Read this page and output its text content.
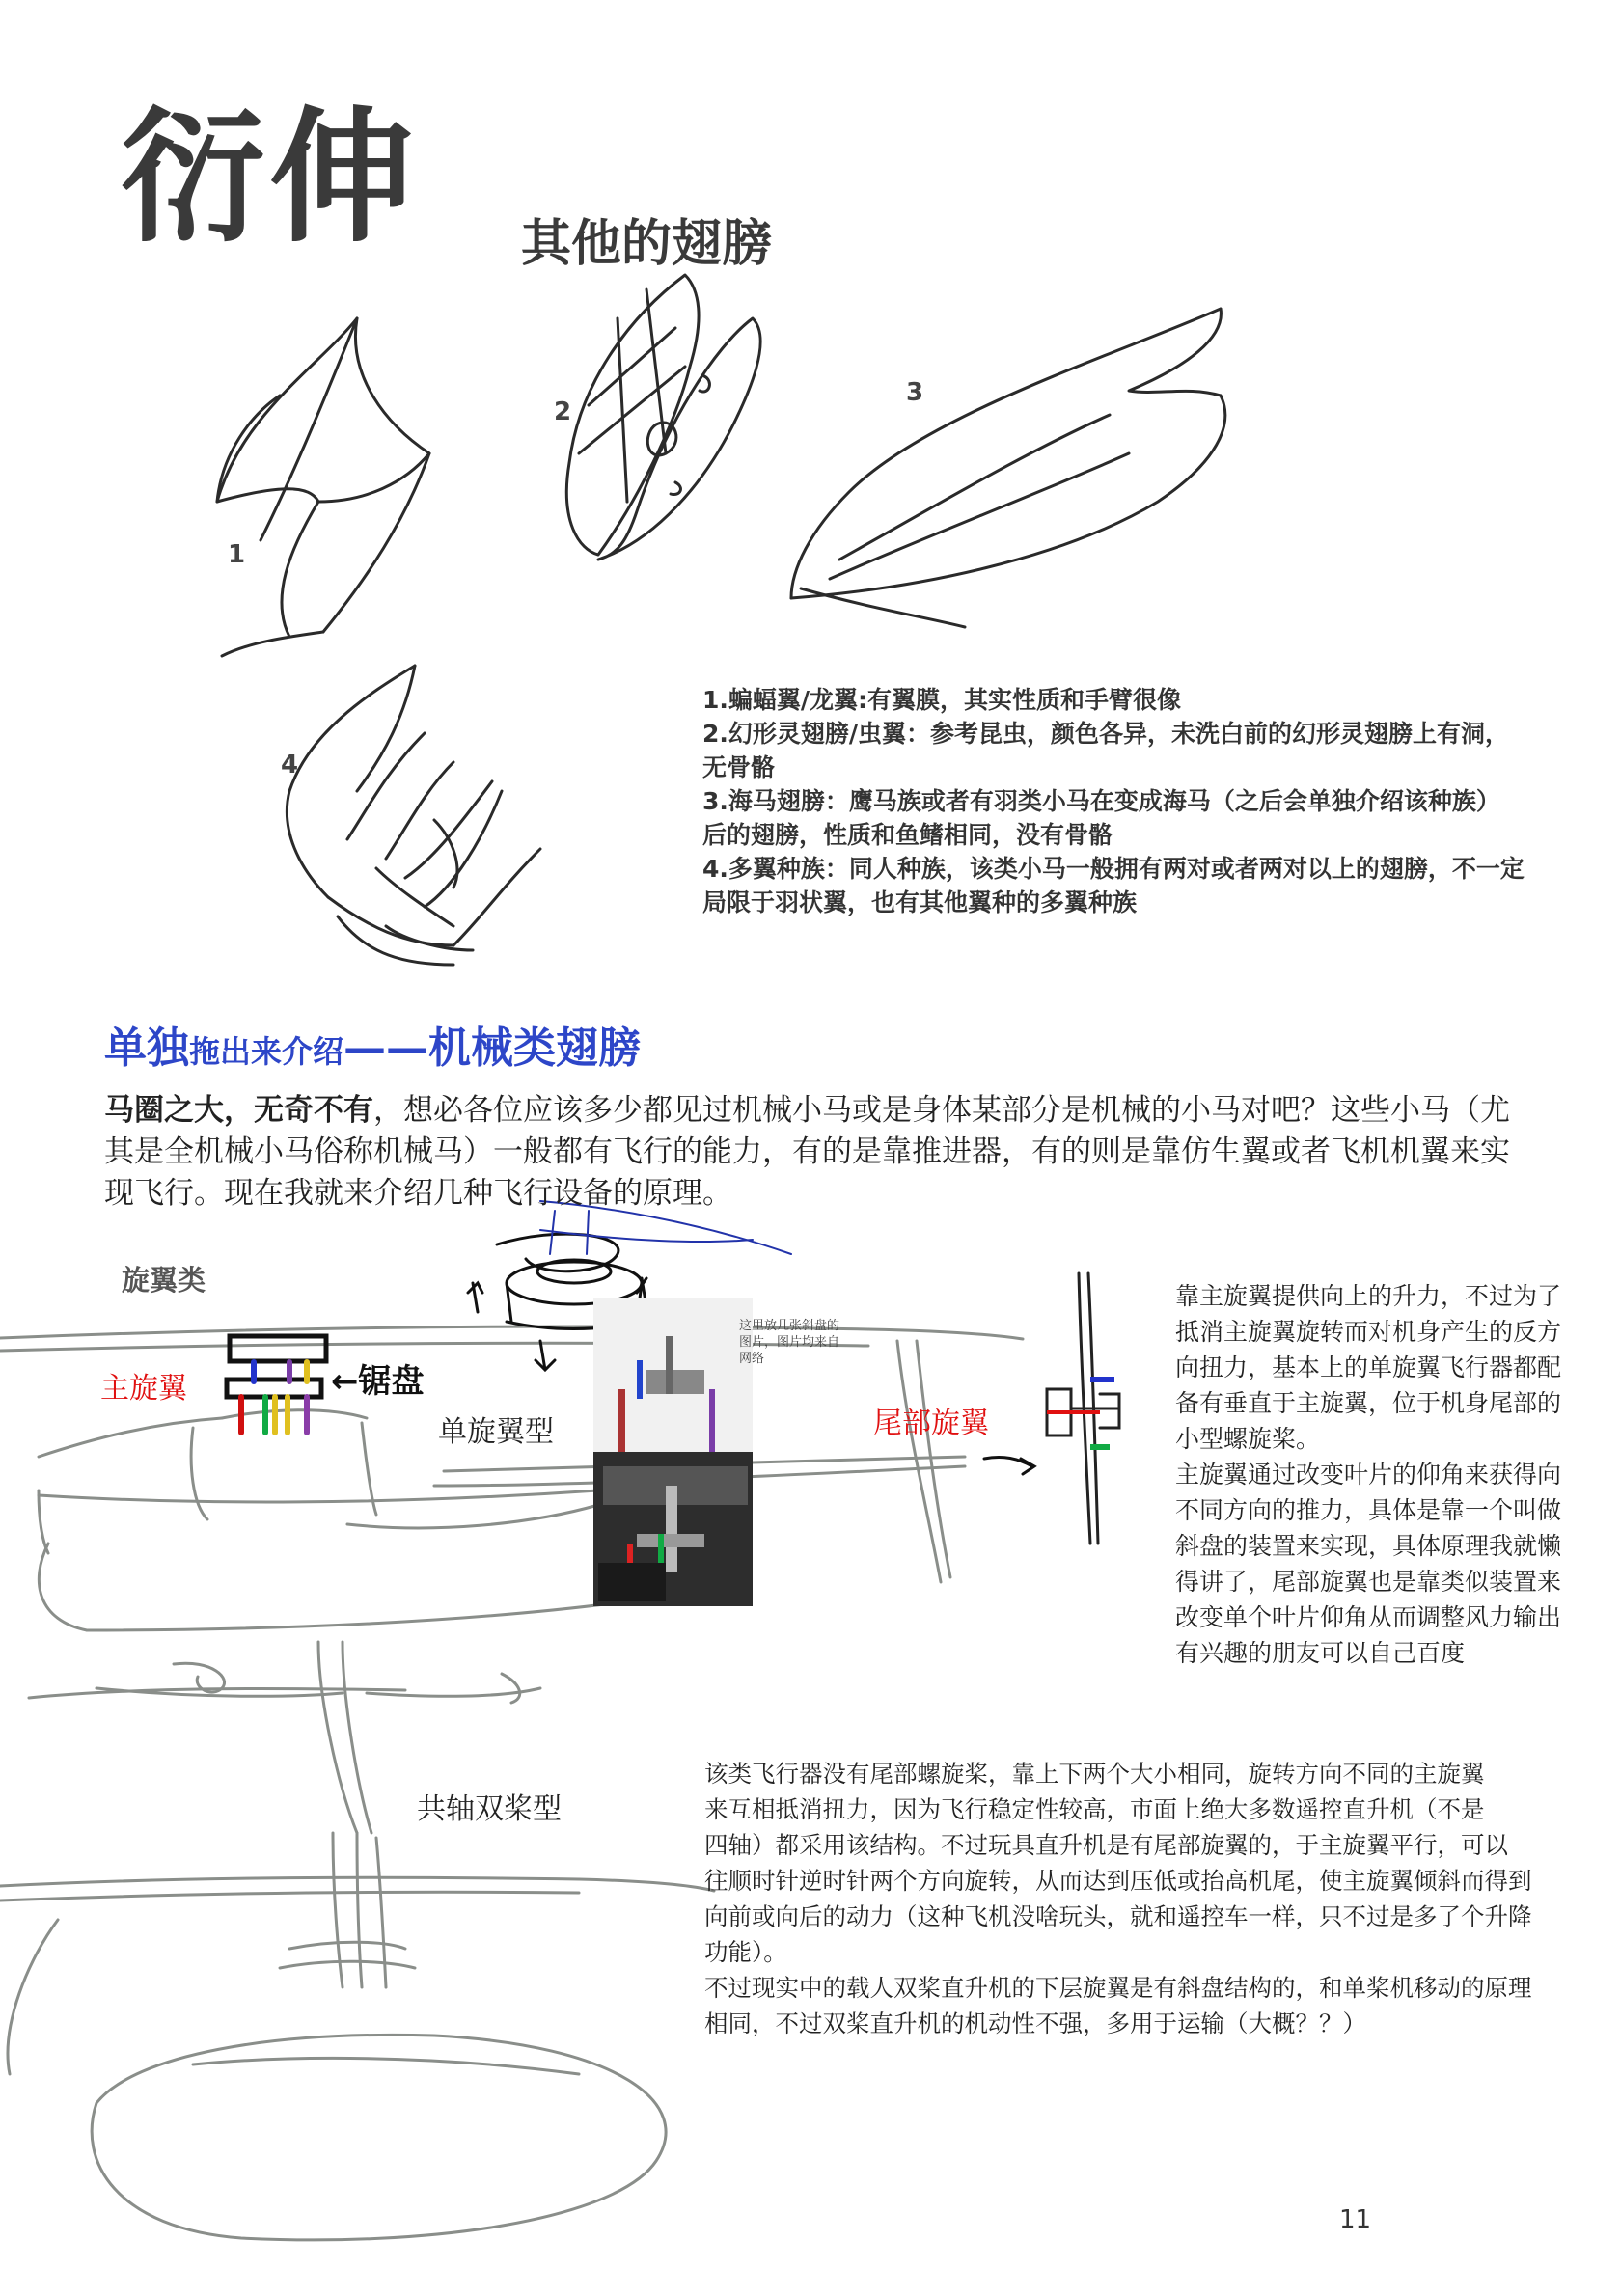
衍伸 其他的翅膀
1
2
3
4
1.蝙蝠翼/龙翼:有翼膜，其实性质和手臂很像
2.幻形灵翅膀/虫翼：参考昆虫，颜色各异，未洗白前的幻形灵翅膀上有洞，
无骨骼
3.海马翅膀：鹰马族或者有羽类小马在变成海马（之后会单独介绍该种族）
后的翅膀，性质和鱼鳍相同，没有骨骼
4.多翼种族：同人种族，该类小马一般拥有两对或者两对以上的翅膀，不一定
局限于羽状翼，也有其他翼种的多翼种族
单独拖出来介绍——机械类翅膀
马圈之大，无奇不有，想必各位应该多少都见过机械小马或是身体某部分是机械的小马对吧？这些小马（尤其是全机械小马俗称机械马）一般都有飞行的能力，有的是靠推进器，有的则是靠仿生翼或者飞机机翼来实现飞行。现在我就来介绍几种飞行设备的原理。
旋翼类
主旋翼	←锯盘
单旋翼型	尾部旋翼
这里放几张斜盘的图片，图片均来自网络
靠主旋翼提供向上的升力，不过为了
抵消主旋翼旋转而对机身产生的反方
向扭力，基本上的单旋翼飞行器都配
备有垂直于主旋翼，位于机身尾部的
小型螺旋桨。
主旋翼通过改变叶片的仰角来获得向
不同方向的推力，具体是靠一个叫做
斜盘的装置来实现，具体原理我就懒
得讲了，尾部旋翼也是靠类似装置来
改变单个叶片仰角从而调整风力输出
有兴趣的朋友可以自己百度
共轴双桨型
该类飞行器没有尾部螺旋桨，靠上下两个大小相同，旋转方向不同的主旋翼
来互相抵消扭力，因为飞行稳定性较高，市面上绝大多数遥控直升机（不是
四轴）都采用该结构。不过玩具直升机是有尾部旋翼的，于主旋翼平行，可以
往顺时针逆时针两个方向旋转，从而达到压低或抬高机尾，使主旋翼倾斜而得到
向前或向后的动力（这种飞机没啥玩头，就和遥控车一样，只不过是多了个升降
功能）。
不过现实中的载人双桨直升机的下层旋翼是有斜盘结构的，和单桨机移动的原理
相同，不过双桨直升机的机动性不强，多用于运输（大概？？）
11
